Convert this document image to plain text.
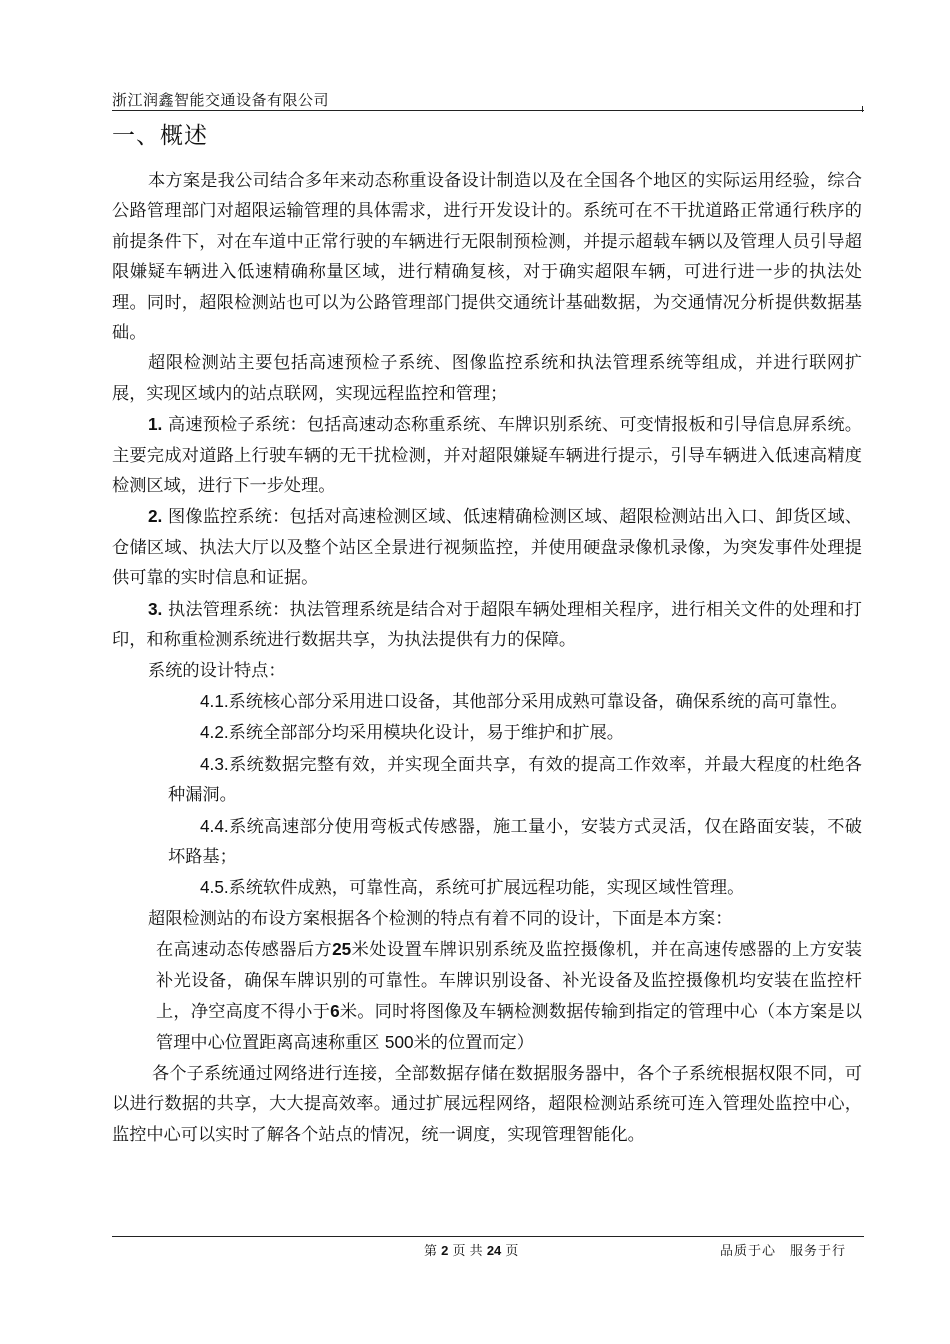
浙江润鑫智能交通设备有限公司
一、概述

本方案是我公司结合多年来动态称重设备设计制造以及在全国各个地区的实际运用经验，综合公路管理部门对超限运输管理的具体需求，进行开发设计的。系统可在不干扰道路正常通行秩序的前提条件下，对在车道中正常行驶的车辆进行无限制预检测，并提示超载车辆以及管理人员引导超限嫌疑车辆进入低速精确称量区域，进行精确复核，对于确实超限车辆，可进行进一步的执法处理。同时，超限检测站也可以为公路管理部门提供交通统计基础数据，为交通情况分析提供数据基础。

超限检测站主要包括高速预检子系统、图像监控系统和执法管理系统等组成，并进行联网扩展，实现区域内的站点联网，实现远程监控和管理；

1. 高速预检子系统：包括高速动态称重系统、车牌识别系统、可变情报板和引导信息屏系统。主要完成对道路上行驶车辆的无干扰检测，并对超限嫌疑车辆进行提示，引导车辆进入低速高精度检测区域，进行下一步处理。

2. 图像监控系统：包括对高速检测区域、低速精确检测区域、超限检测站出入口、卸货区域、仓储区域、执法大厅以及整个站区全景进行视频监控，并使用硬盘录像机录像，为突发事件处理提供可靠的实时信息和证据。

3. 执法管理系统：执法管理系统是结合对于超限车辆处理相关程序，进行相关文件的处理和打印，和称重检测系统进行数据共享，为执法提供有力的保障。

系统的设计特点：

4.1.系统核心部分采用进口设备，其他部分采用成熟可靠设备，确保系统的高可靠性。

4.2.系统全部部分均采用模块化设计，易于维护和扩展。

4.3.系统数据完整有效，并实现全面共享，有效的提高工作效率，并最大程度的杜绝各种漏洞。

4.4.系统高速部分使用弯板式传感器，施工量小，安装方式灵活，仅在路面安装，不破坏路基；

4.5.系统软件成熟，可靠性高，系统可扩展远程功能，实现区域性管理。

超限检测站的布设方案根据各个检测的特点有着不同的设计，下面是本方案：

在高速动态传感器后方25米处设置车牌识别系统及监控摄像机，并在高速传感器的上方安装补光设备，确保车牌识别的可靠性。车牌识别设备、补光设备及监控摄像机均安装在监控杆上，净空高度不得小于6米。同时将图像及车辆检测数据传输到指定的管理中心（本方案是以管理中心位置距离高速称重区 500米的位置而定）

各个子系统通过网络进行连接，全部数据存储在数据服务器中，各个子系统根据权限不同，可以进行数据的共享，大大提高效率。通过扩展远程网络，超限检测站系统可连入管理处监控中心，监控中心可以实时了解各个站点的情况，统一调度，实现管理智能化。

第 2 页 共 24 页	品质于心　服务于行
